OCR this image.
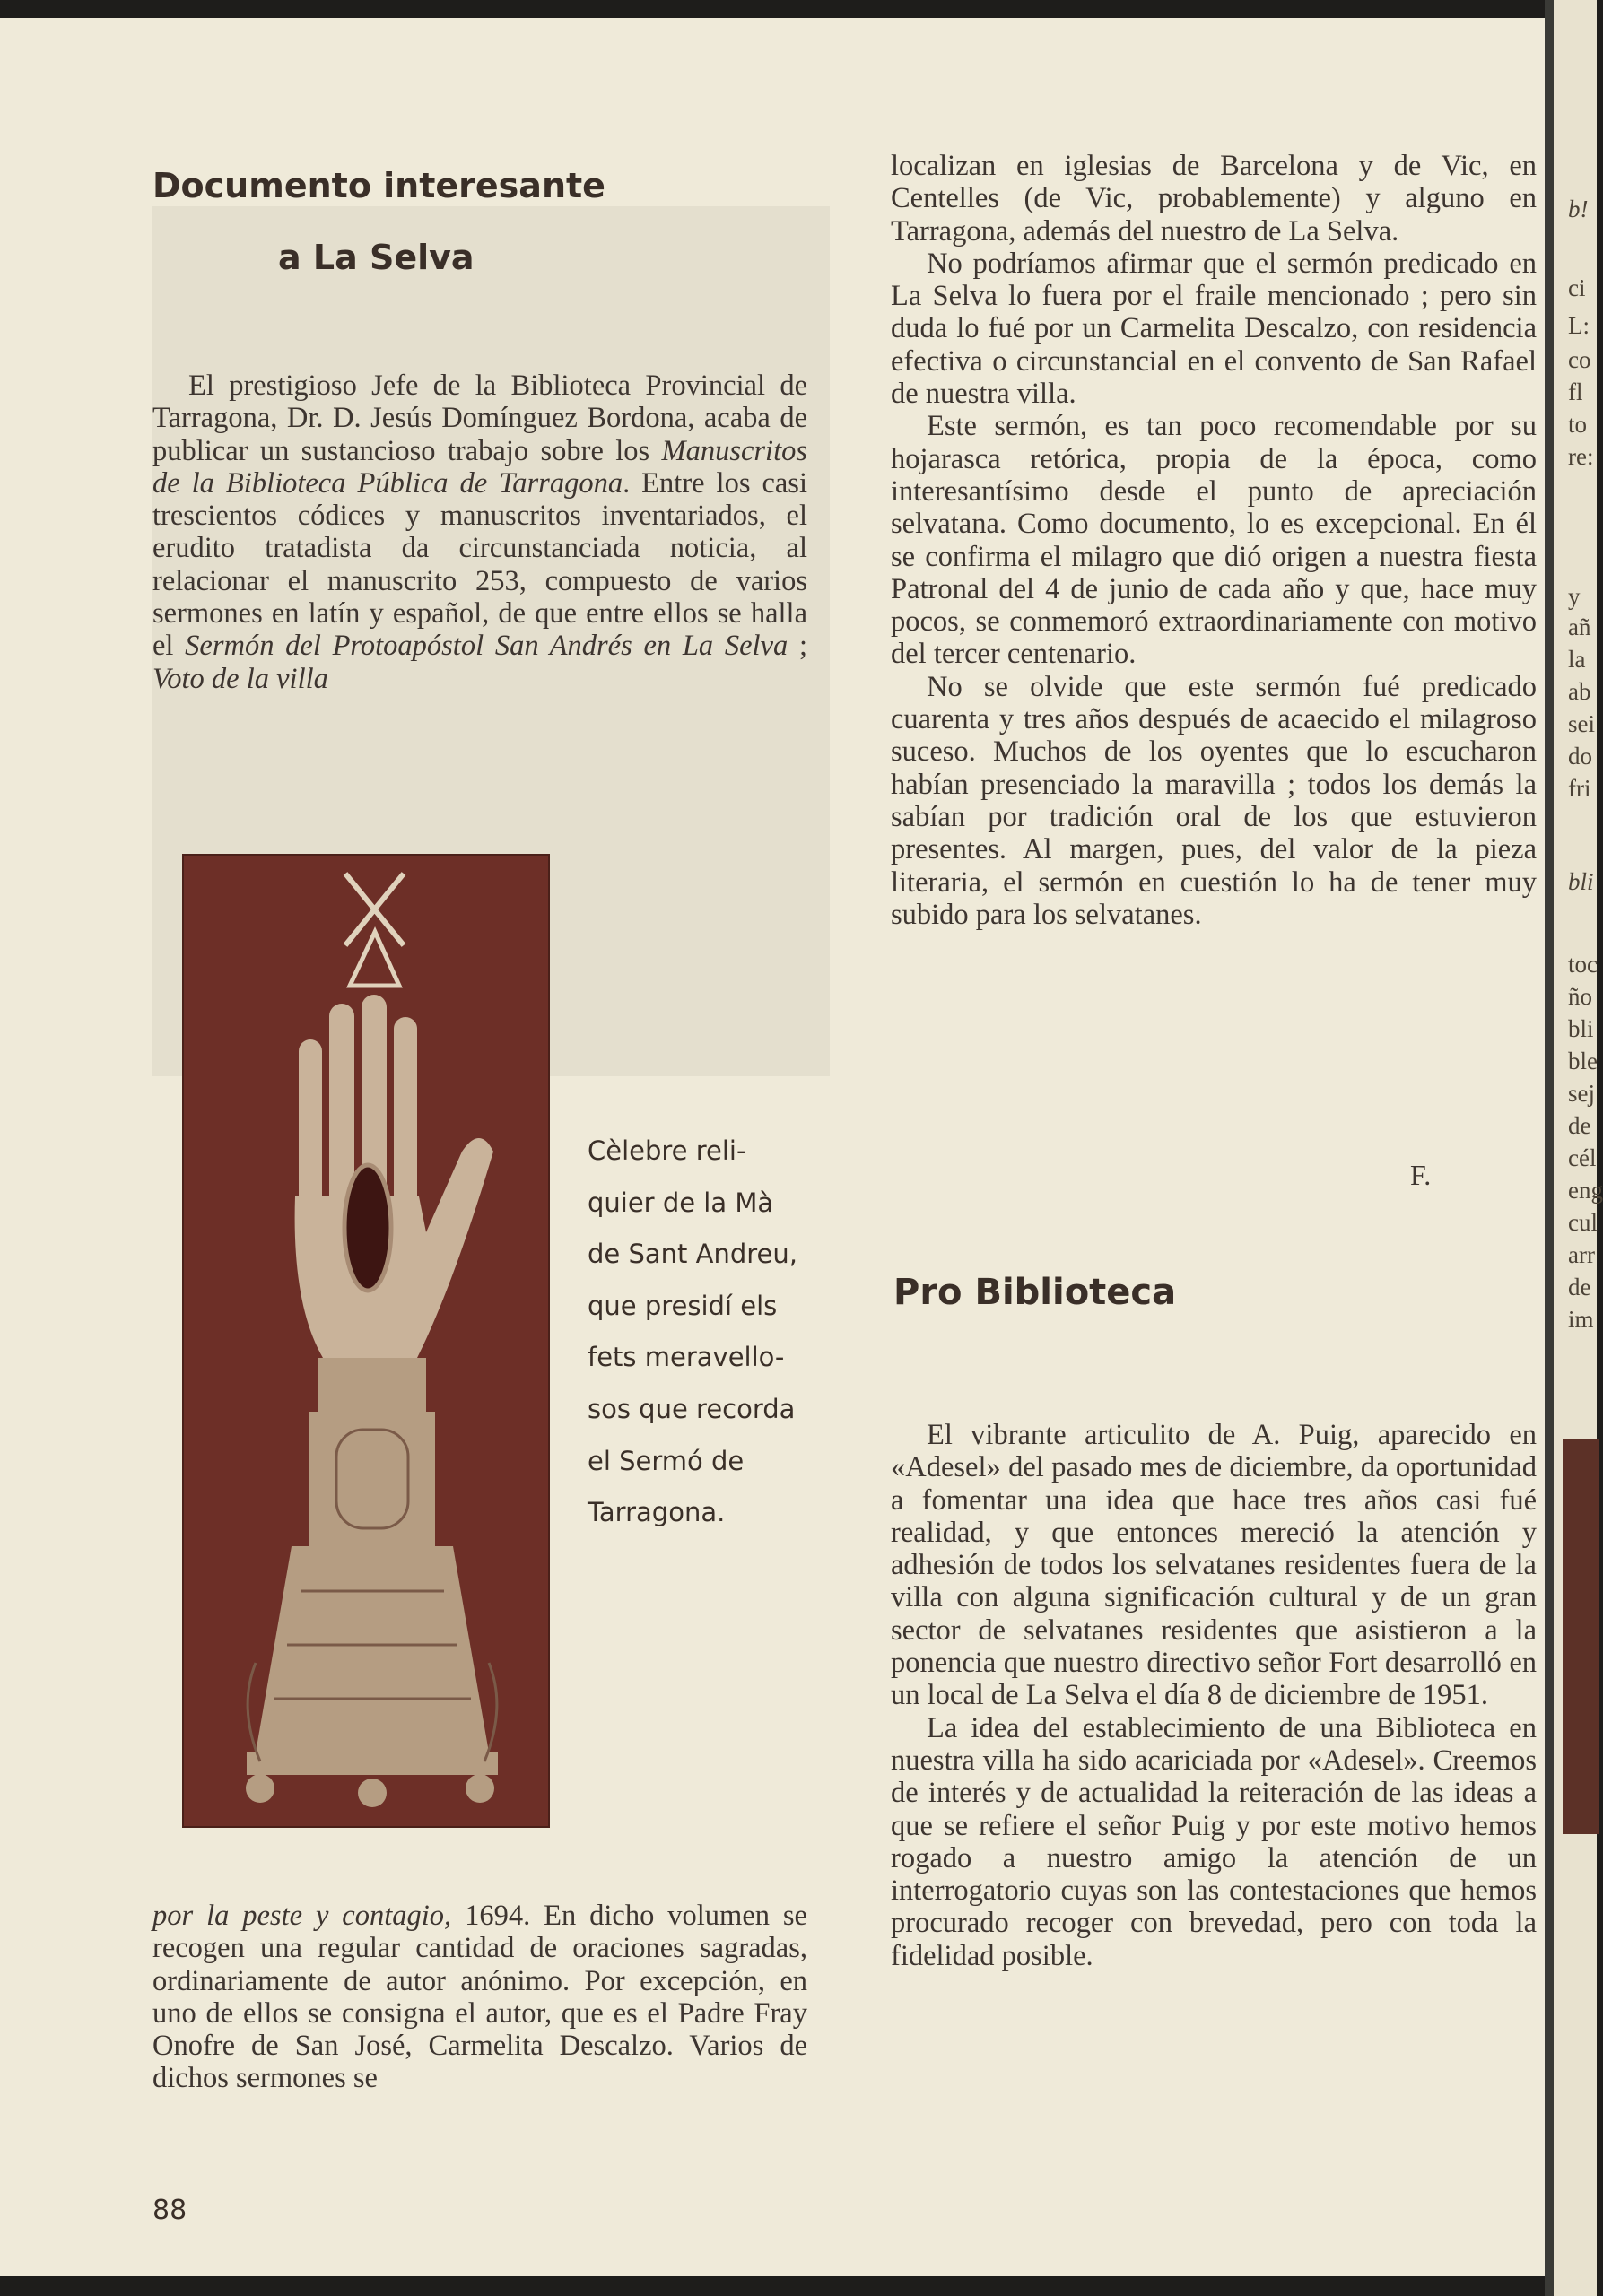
Documento interesante
a La Selva

El prestigioso Jefe de la Biblioteca Provincial de Tarragona, Dr. D. Jesús Domínguez Bordona, acaba de publicar un sustancioso trabajo sobre los Manuscritos de la Biblioteca Pública de Tarragona. Entre los casi trescientos códices y manuscritos inventariados, el erudito tratadista da circunstanciada noticia, al relacionar el manuscrito 253, compuesto de varios sermones en latín y español, de que entre ellos se halla el Sermón del Protoapóstol San Andrés en La Selva ; Voto de la villa

Cèlebre reli-
quier de la Mà
de Sant Andreu,
que presidí els
fets meravello-
sos que recorda
el Sermó de
Tarragona.

por la peste y contagio, 1694. En dicho volumen se recogen una regular cantidad de oraciones sagradas, ordinariamente de autor anónimo. Por excepción, en uno de ellos se consigna el autor, que es el Padre Fray Onofre de San José, Carmelita Descalzo. Varios de dichos sermones se

localizan en iglesias de Barcelona y de Vic, en Centelles (de Vic, probablemente) y alguno en Tarragona, además del nuestro de La Selva.

No podríamos afirmar que el sermón predicado en La Selva lo fuera por el fraile mencionado ; pero sin duda lo fué por un Carmelita Descalzo, con residencia efectiva o circunstancial en el convento de San Rafael de nuestra villa.

Este sermón, es tan poco recomendable por su hojarasca retórica, propia de la época, como interesantísimo desde el punto de apreciación selvatana. Como documento, lo es excepcional. En él se confirma el milagro que dió origen a nuestra fiesta Patronal del 4 de junio de cada año y que, hace muy pocos, se conmemoró extraordinariamente con motivo del tercer centenario.

No se olvide que este sermón fué predicado cuarenta y tres años después de acaecido el milagroso suceso. Muchos de los oyentes que lo escucharon habían presenciado la maravilla ; todos los demás la sabían por tradición oral de los que estuvieron presentes. Al margen, pues, del valor de la pieza literaria, el sermón en cuestión lo ha de tener muy subido para los selvatanes.

F.
Pro Biblioteca

El vibrante articulito de A. Puig, aparecido en «Adesel» del pasado mes de diciembre, da oportunidad a fomentar una idea que hace tres años casi fué realidad, y que entonces mereció la atención y adhesión de todos los selvatanes residentes fuera de la villa con alguna significación cultural y de un gran sector de selvatanes residentes que asistieron a la ponencia que nuestro directivo señor Fort desarrolló en un local de La Selva el día 8 de diciembre de 1951.

La idea del establecimiento de una Biblioteca en nuestra villa ha sido acariciada por «Adesel». Creemos de interés y de actualidad la reiteración de las ideas a que se refiere el señor Puig y por este motivo hemos rogado a nuestro amigo la atención de un interrogatorio cuyas son las contestaciones que hemos procurado recoger con brevedad, pero con toda la fidelidad posible.

88
b!
ci
L:
co
fl
to
re:
y
añ
la
ab
sei
do
fri
bli
toc
ño
bli
ble
sej
de
cél
eng
cul
arr
de
im
